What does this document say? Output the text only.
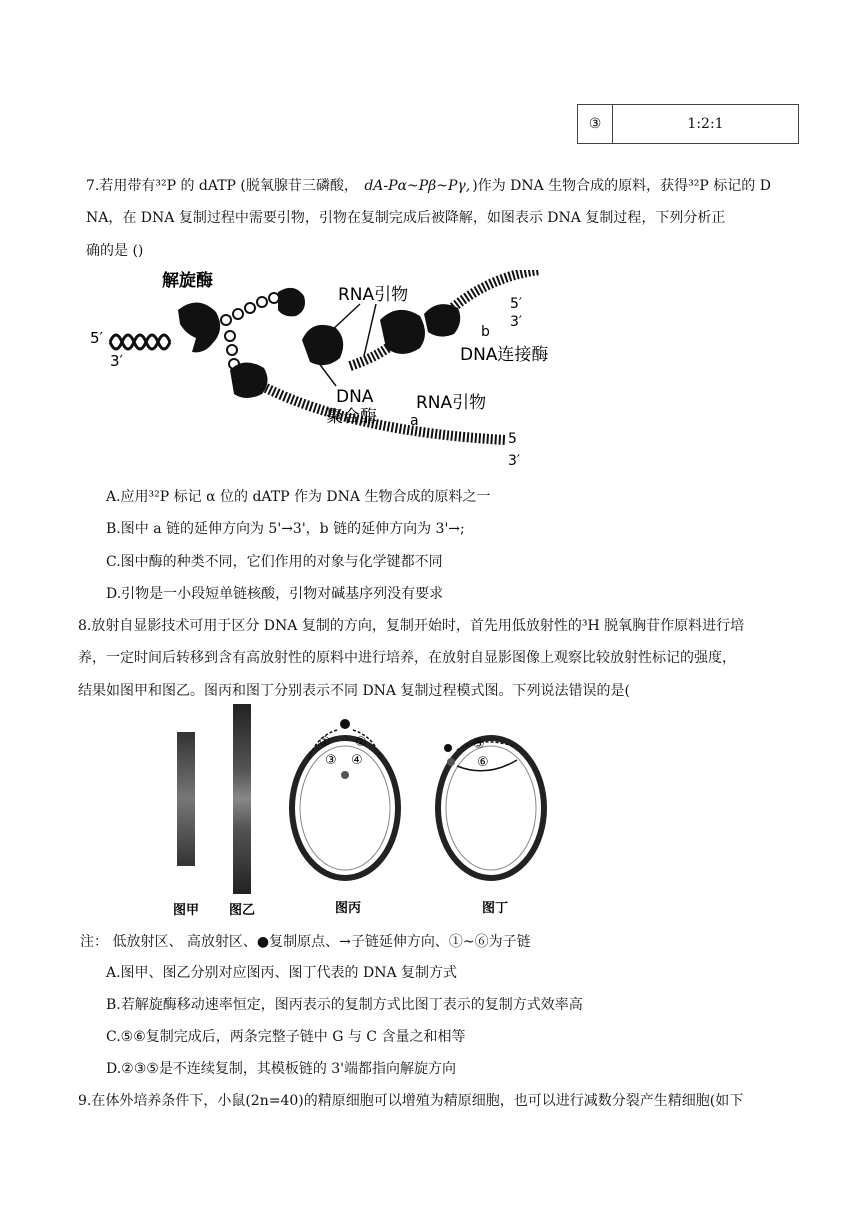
③	1:2:1
7.若用带有³²P 的 dATP (脱氧腺苷三磷酸， dA-Pα~Pβ~Pγ, )作为 DNA 生物合成的原料，获得³²P 标记的 D
NA，在 DNA 复制过程中需要引物，引物在复制完成后被降解，如图表示 DNA 复制过程，下列分析正
确的是 ()
5′
3′
解旋酶
5′
3′
b
a
5
3′
RNA引物
DNA
聚合酶
RNA引物
DNA连接酶
A.应用³²P 标记 α 位的 dATP 作为 DNA 生物合成的原料之一
B.图中 a 链的延伸方向为 5'→3'，b 链的延伸方向为 3'→;
C.图中酶的种类不同，它们作用的对象与化学键都不同
D.引物是一小段短单链核酸，引物对碱基序列没有要求
8.放射自显影技术可用于区分 DNA 复制的方向，复制开始时，首先用低放射性的³H 脱氧胸苷作原料进行培
养，一定时间后转移到含有高放射性的原料中进行培养，在放射自显影图像上观察比较放射性标记的强度，
结果如图甲和图乙。图丙和图丁分别表示不同 DNA 复制过程模式图。下列说法错误的是(
① ②
③ ④
⑤
⑥
图甲 图乙	图丙	图丁
注： 低放射区、 高放射区、●复制原点、→子链延伸方向、①~⑥为子链
A.图甲、图乙分别对应图丙、图丁代表的 DNA 复制方式
B.若解旋酶移动速率恒定，图丙表示的复制方式比图丁表示的复制方式效率高
C.⑤⑥复制完成后，两条完整子链中 G 与 C 含量之和相等
D.②③⑤是不连续复制，其模板链的 3'端都指向解旋方向
9.在体外培养条件下，小鼠(2n=40)的精原细胞可以增殖为精原细胞，也可以进行减数分裂产生精细胞(如下
